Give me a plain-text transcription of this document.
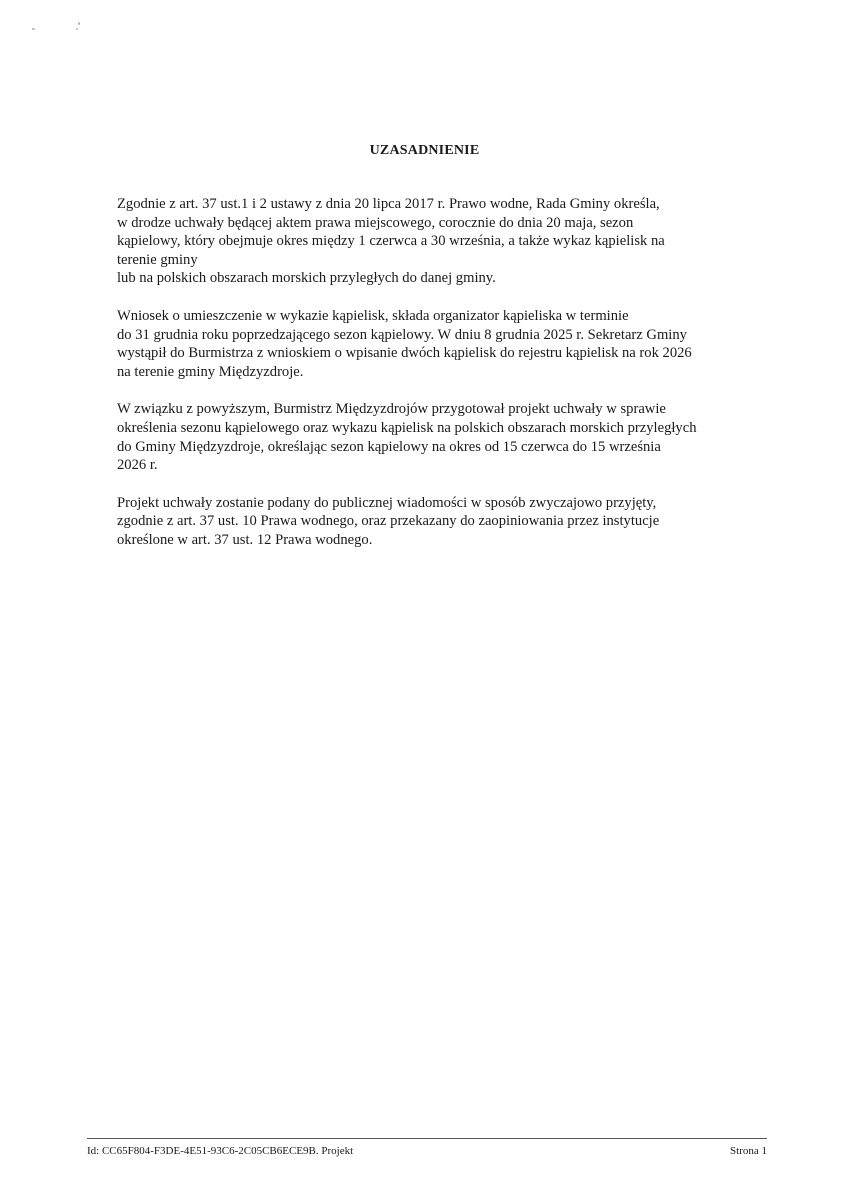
UZASADNIENIE

Zgodnie z art. 37 ust.1 i 2 ustawy z dnia 20 lipca 2017 r. Prawo wodne, Rada Gminy określa,
w drodze uchwały będącej aktem prawa miejscowego, corocznie do dnia 20 maja, sezon
kąpielowy, który obejmuje okres między 1 czerwca a 30 września, a także wykaz kąpielisk na
terenie gminy
lub na polskich obszarach morskich przyległych do danej gminy.

Wniosek o umieszczenie w wykazie kąpielisk, składa organizator kąpieliska w terminie
do 31 grudnia roku poprzedzającego sezon kąpielowy. W dniu 8 grudnia 2025 r. Sekretarz Gminy
wystąpił do Burmistrza z wnioskiem o wpisanie dwóch kąpielisk do rejestru kąpielisk na rok 2026
na terenie gminy Międzyzdroje.

W związku z powyższym, Burmistrz Międzyzdrojów przygotował projekt uchwały w sprawie
określenia sezonu kąpielowego oraz wykazu kąpielisk na polskich obszarach morskich przyległych
do Gminy Międzyzdroje, określając sezon kąpielowy na okres od 15 czerwca do 15 września
2026 r.

Projekt uchwały zostanie podany do publicznej wiadomości w sposób zwyczajowo przyjęty,
zgodnie z art. 37 ust. 10 Prawa wodnego, oraz przekazany do zaopiniowania przez instytucje
określone w art. 37 ust. 12 Prawa wodnego.

Id: CC65F804-F3DE-4E51-93C6-2C05CB6ECE9B. Projekt	Strona 1
